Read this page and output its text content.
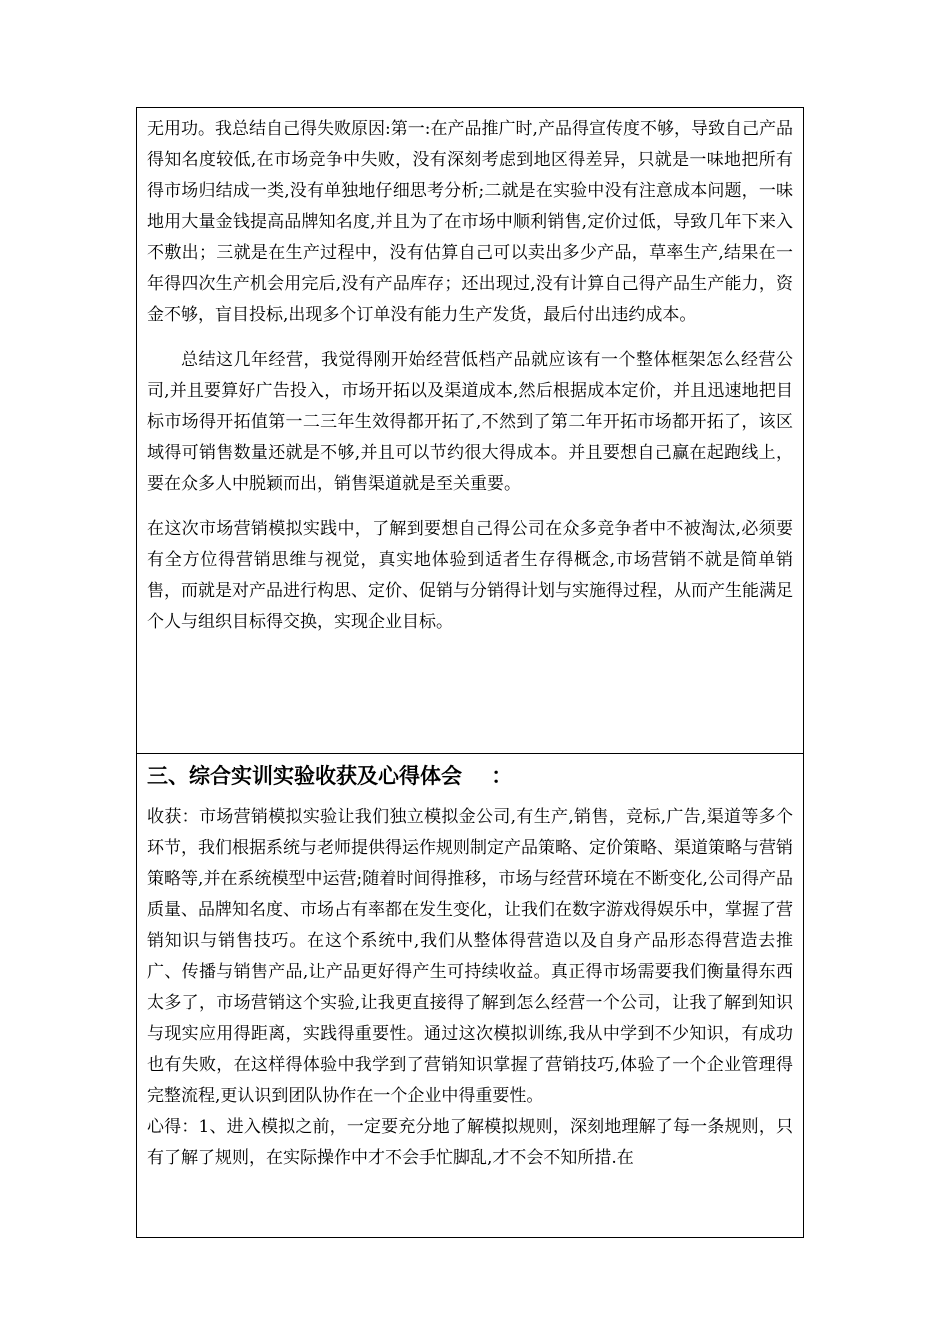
无用功。我总结自己得失败原因:第一:在产品推广时,产品得宣传度不够，导致自己产品得知名度较低,在市场竞争中失败，没有深刻考虑到地区得差异，只就是一味地把所有得市场归结成一类,没有单独地仔细思考分析;二就是在实验中没有注意成本问题，一味地用大量金钱提高品牌知名度,并且为了在市场中顺利销售,定价过低，导致几年下来入不敷出；三就是在生产过程中，没有估算自己可以卖出多少产品，草率生产,结果在一年得四次生产机会用完后,没有产品库存；还出现过,没有计算自己得产品生产能力，资金不够，盲目投标,出现多个订单没有能力生产发货，最后付出违约成本。

总结这几年经营，我觉得刚开始经营低档产品就应该有一个整体框架怎么经营公司,并且要算好广告投入，市场开拓以及渠道成本,然后根据成本定价，并且迅速地把目标市场得开拓值第一二三年生效得都开拓了,不然到了第二年开拓市场都开拓了，该区域得可销售数量还就是不够,并且可以节约很大得成本。并且要想自己赢在起跑线上，要在众多人中脱颖而出，销售渠道就是至关重要。

在这次市场营销模拟实践中，了解到要想自己得公司在众多竞争者中不被淘汰,必须要有全方位得营销思维与视觉，真实地体验到适者生存得概念,市场营销不就是简单销售，而就是对产品进行构思、定价、促销与分销得计划与实施得过程，从而产生能满足个人与组织目标得交换，实现企业目标。

三、综合实训实验收获及心得体会    ：

收获：市场营销模拟实验让我们独立模拟金公司,有生产,销售，竞标,广告,渠道等多个环节，我们根据系统与老师提供得运作规则制定产品策略、定价策略、渠道策略与营销策略等,并在系统模型中运营;随着时间得推移，市场与经营环境在不断变化,公司得产品质量、品牌知名度、市场占有率都在发生变化，让我们在数字游戏得娱乐中，掌握了营销知识与销售技巧。在这个系统中,我们从整体得营造以及自身产品形态得营造去推广、传播与销售产品,让产品更好得产生可持续收益。真正得市场需要我们衡量得东西太多了，市场营销这个实验,让我更直接得了解到怎么经营一个公司，让我了解到知识与现实应用得距离，实践得重要性。通过这次模拟训练,我从中学到不少知识，有成功也有失败，在这样得体验中我学到了营销知识掌握了营销技巧,体验了一个企业管理得完整流程,更认识到团队协作在一个企业中得重要性。

心得：1、进入模拟之前，一定要充分地了解模拟规则，深刻地理解了每一条规则，只有了解了规则，在实际操作中才不会手忙脚乱,才不会不知所措.在
